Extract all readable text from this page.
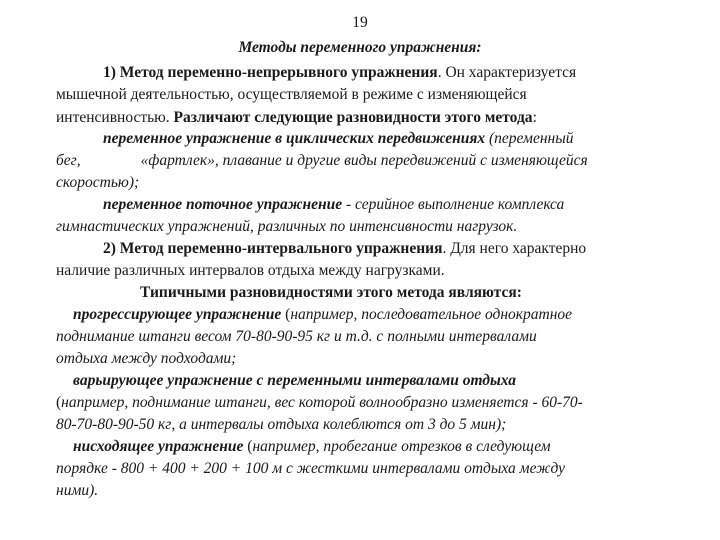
19
Методы переменного упражнения:
1) Метод переменно-непрерывного упражнения. Он характеризуется
мышечной деятельностью, осуществляемой в режиме с изменяющейся
интенсивностью. Различают следующие разновидности этого метода:
переменное упражнение в циклических передвижениях (переменный
бег,	«фартлек», плавание и другие виды передвижений с изменяющейся
скоростью);
переменное поточное упражнение - серийное выполнение комплекса
гимнастических упражнений, различных по интенсивности нагрузок.
2) Метод переменно-интервального упражнения. Для него характерно
наличие различных интервалов отдыха между нагрузками.
Типичными разновидностями этого метода являются:
прогрессирующее упражнение (например, последовательное однократное
поднимание штанги весом 70-80-90-95 кг и т.д. с полными интервалами
отдыха между подходами;
варьирующее упражнение с переменными интервалами отдыха
(например, поднимание штанги, вес которой волнообразно изменяется - 60-70-
80-70-80-90-50 кг, а интервалы отдыха колеблются от 3 до 5 мин);
нисходящее упражнение (например, пробегание отрезков в следующем
порядке - 800 + 400 + 200 + 100 м с жесткими интервалами отдыха между
ними).
